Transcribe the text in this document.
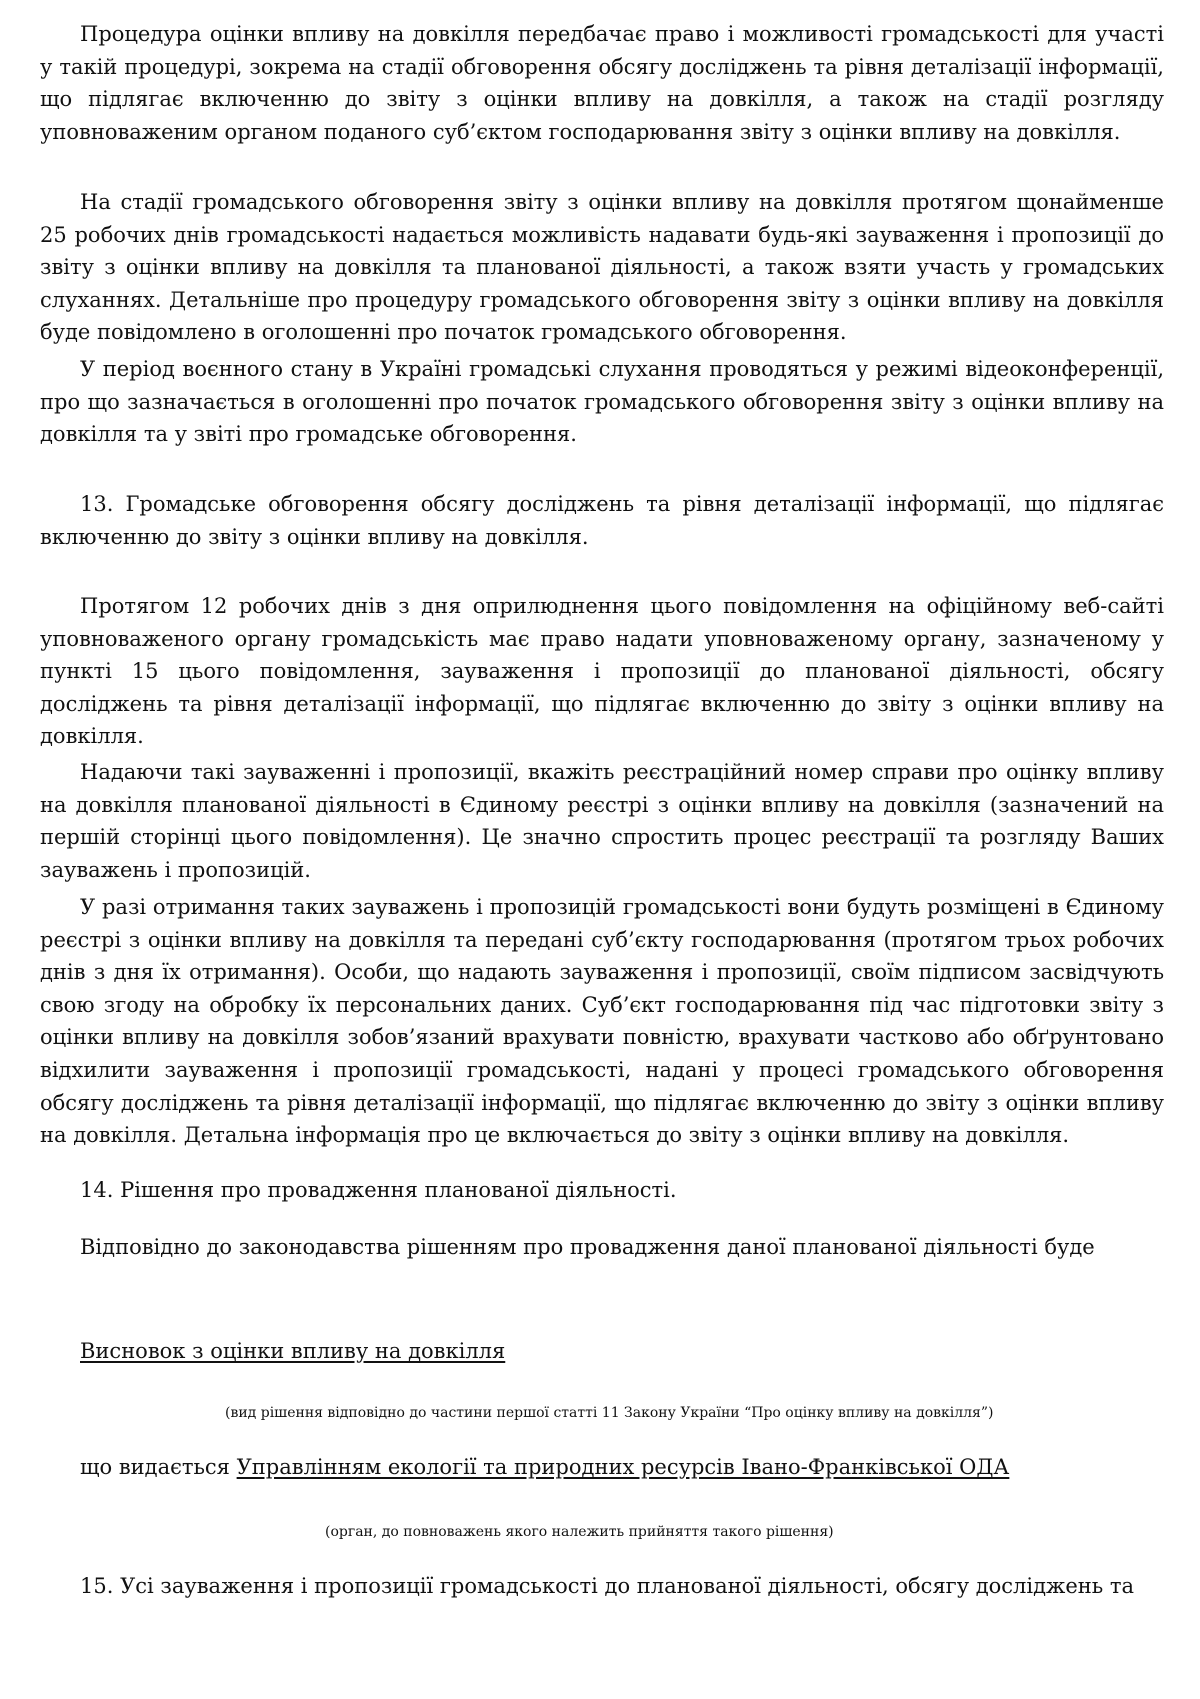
Процедура оцінки впливу на довкілля передбачає право і можливості громадськості для участі у такій процедурі, зокрема на стадії обговорення обсягу досліджень та рівня деталізації інформації, що підлягає включенню до звіту з оцінки впливу на довкілля, а також на стадії розгляду уповноваженим органом поданого суб’єктом господарювання звіту з оцінки впливу на довкілля.

На стадії громадського обговорення звіту з оцінки впливу на довкілля протягом щонайменше 25 робочих днів громадськості надається можливість надавати будь-які зауваження і пропозиції до звіту з оцінки впливу на довкілля та планованої діяльності, а також взяти участь у громадських слуханнях. Детальніше про процедуру громадського обговорення звіту з оцінки впливу на довкілля буде повідомлено в оголошенні про початок громадського обговорення.

У період воєнного стану в Україні громадські слухання проводяться у режимі відеоконференції, про що зазначається в оголошенні про початок громадського обговорення звіту з оцінки впливу на довкілля та у звіті про громадське обговорення.

13. Громадське обговорення обсягу досліджень та рівня деталізації інформації, що підлягає включенню до звіту з оцінки впливу на довкілля.

Протягом 12 робочих днів з дня оприлюднення цього повідомлення на офіційному веб-сайті уповноваженого органу громадськість має право надати уповноваженому органу, зазначеному у пункті 15 цього повідомлення, зауваження і пропозиції до планованої діяльності, обсягу досліджень та рівня деталізації інформації, що підлягає включенню до звіту з оцінки впливу на довкілля.

Надаючи такі зауваженні і пропозиції, вкажіть реєстраційний номер справи про оцінку впливу на довкілля планованої діяльності в Єдиному реєстрі з оцінки впливу на довкілля (зазначений на першій сторінці цього повідомлення). Це значно спростить процес реєстрації та розгляду Ваших зауважень і пропозицій.

У разі отримання таких зауважень і пропозицій громадськості вони будуть розміщені в Єдиному реєстрі з оцінки впливу на довкілля та передані суб’єкту господарювання (протягом трьох робочих днів з дня їх отримання). Особи, що надають зауваження і пропозиції, своїм підписом засвідчують свою згоду на обробку їх персональних даних. Суб’єкт господарювання під час підготовки звіту з оцінки впливу на довкілля зобов’язаний врахувати повністю, врахувати частково або обґрунтовано відхилити зауваження і пропозиції громадськості, надані у процесі громадського обговорення обсягу досліджень та рівня деталізації інформації, що підлягає включенню до звіту з оцінки впливу на довкілля. Детальна інформація про це включається до звіту з оцінки впливу на довкілля.

14. Рішення про провадження планованої діяльності.

Відповідно до законодавства рішенням про провадження даної планованої діяльності буде

Висновок з оцінки впливу на довкілля

(вид рішення відповідно до частини першої статті 11 Закону України “Про оцінку впливу на довкілля”)

що видається Управлінням екології та природних ресурсів Івано-Франківської ОДА

(орган, до повноважень якого належить прийняття такого рішення)

15. Усі зауваження і пропозиції громадськості до планованої діяльності, обсягу досліджень та
